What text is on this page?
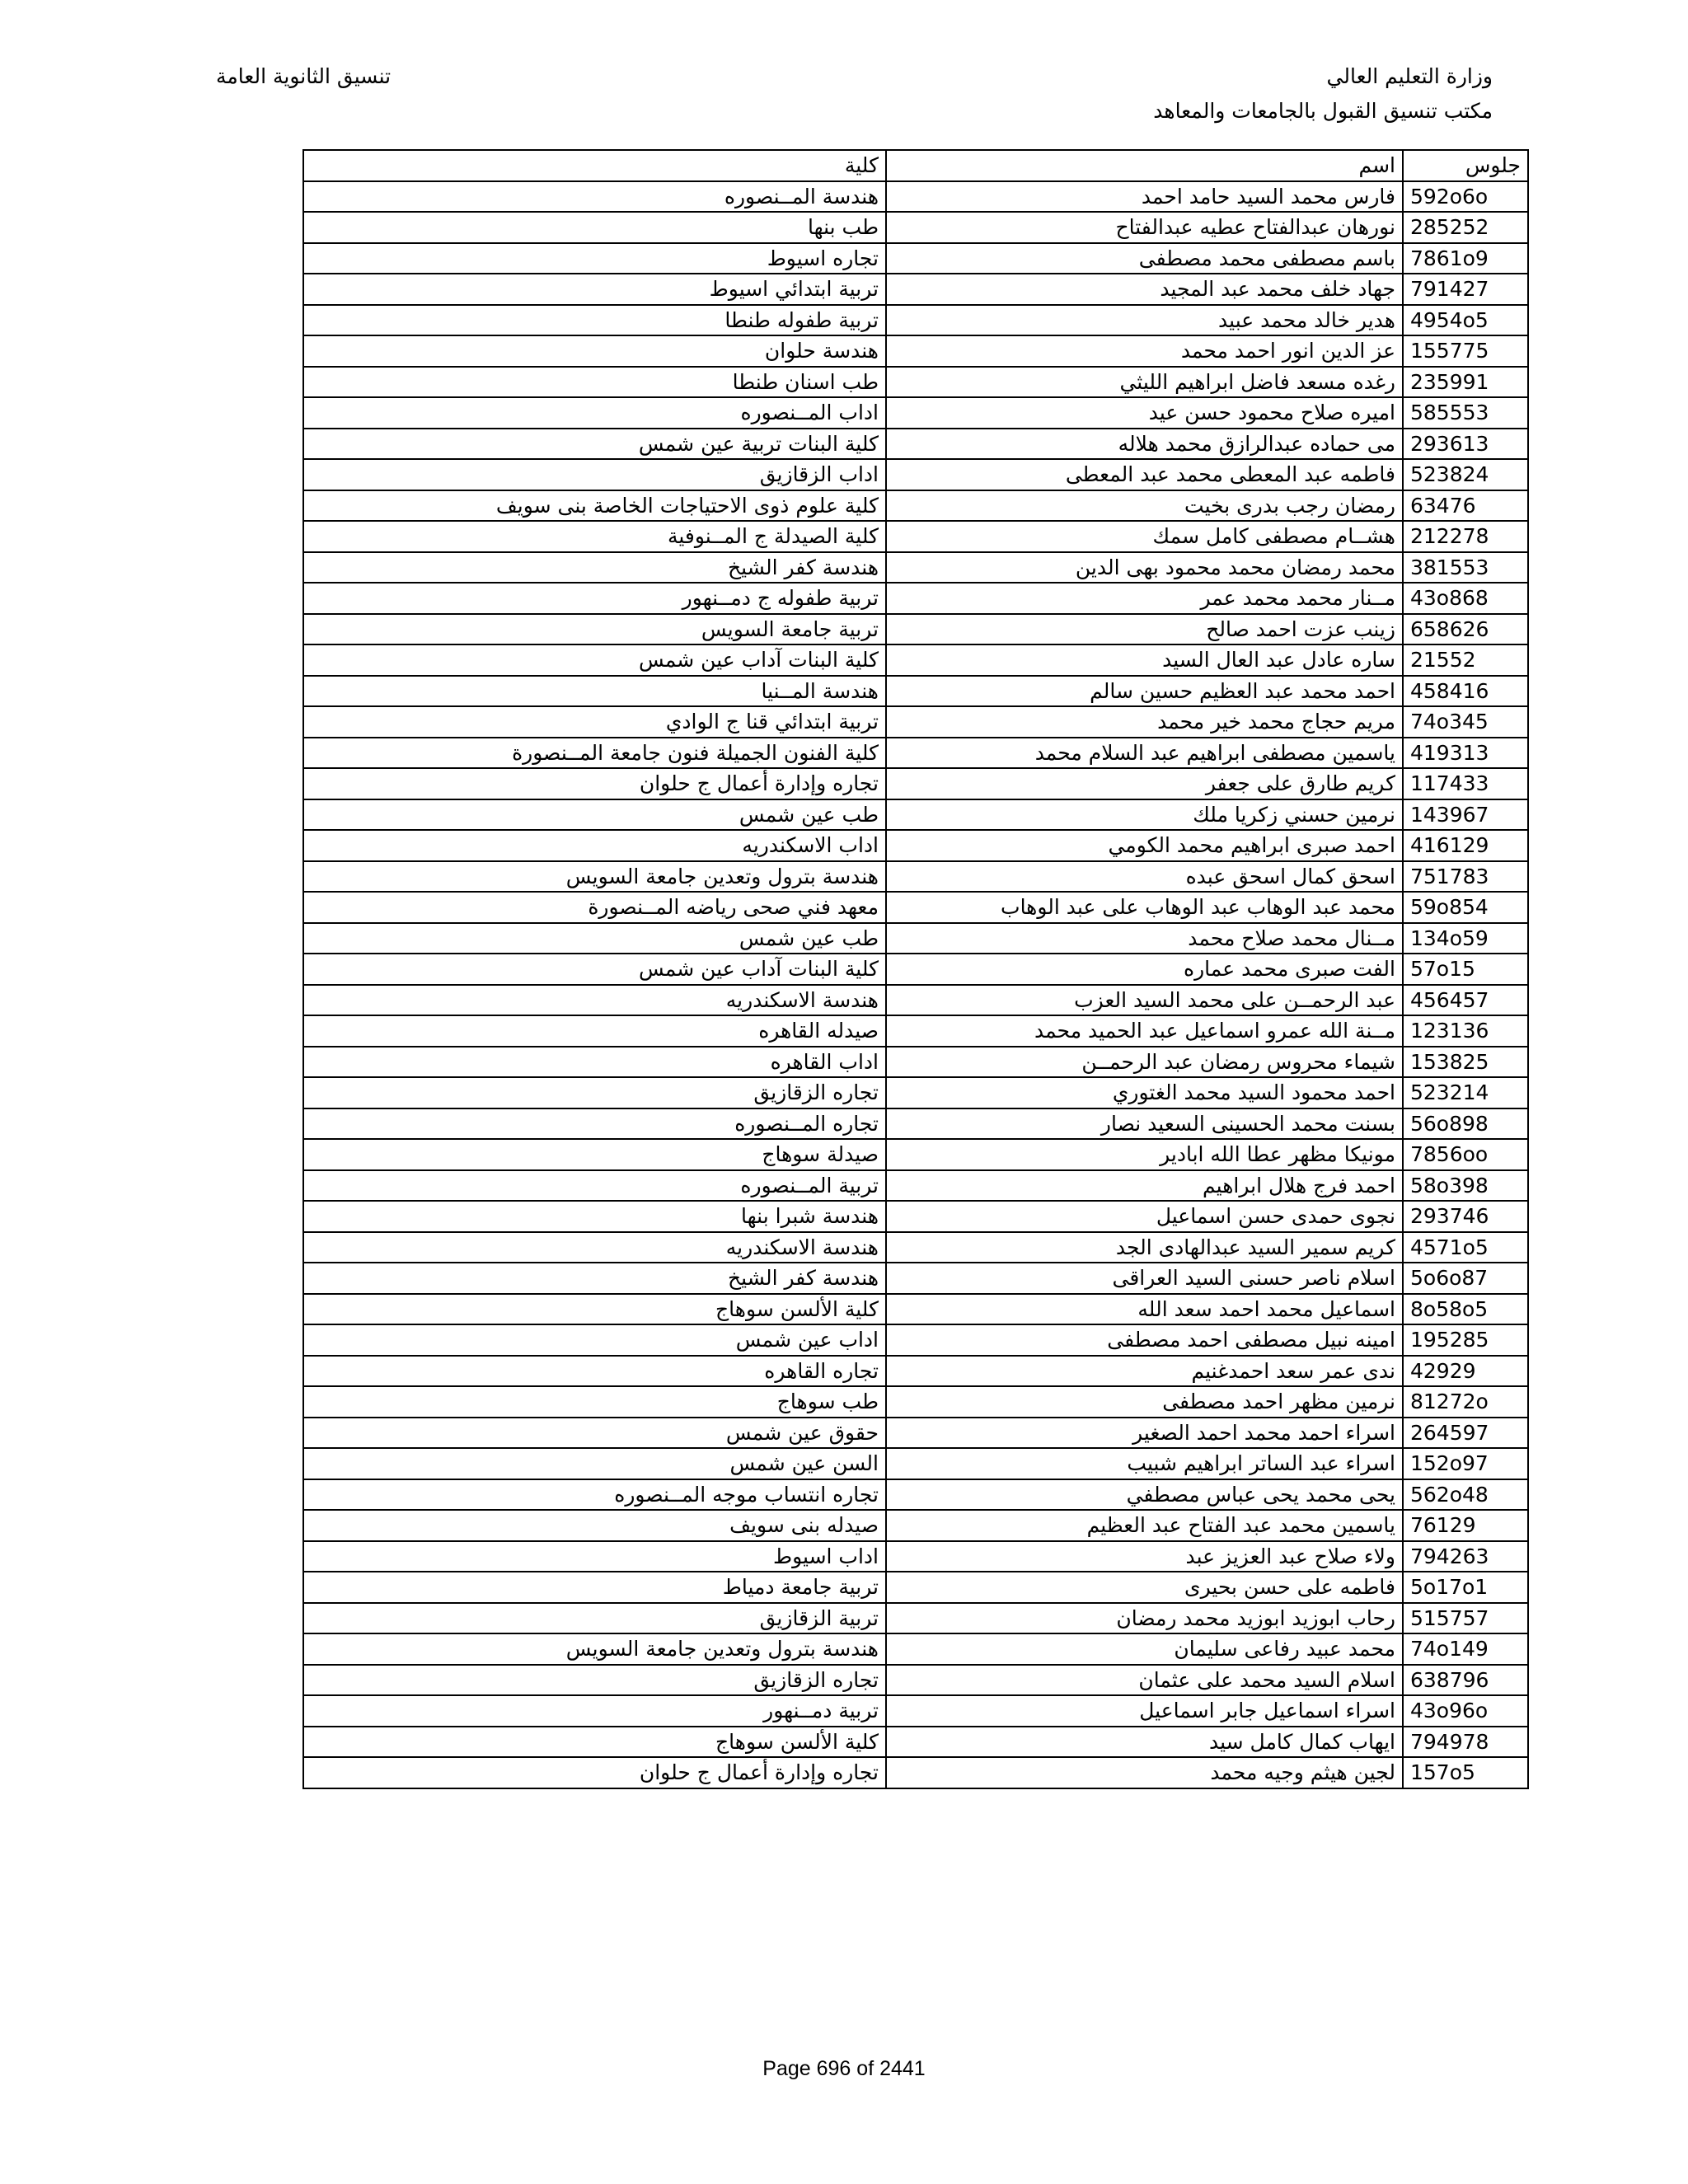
وزارة التعليم العالي
مكتب تنسيق القبول بالجامعات والمعاهد
تنسيق الثانوية العامة
كلية	اسم	جلوس
هندسة المــنصوره	فارس محمد السيد حامد احمد	592o6o
طب بنها	نورهان عبدالفتاح عطيه عبدالفتاح	285252
تجاره اسيوط	باسم مصطفى محمد مصطفى	7861o9
تربية ابتدائي اسيوط	جهاد خلف محمد عبد المجيد	791427
تربية طفوله طنطا	هدير خالد محمد عبيد	4954o5
هندسة حلوان	عز الدين انور احمد محمد	155775
طب اسنان طنطا	رغده مسعد فاضل ابراهيم الليثي	235991
اداب المــنصوره	اميره صلاح محمود حسن عيد	585553
كلية البنات تربية عين شمس	مى حماده عبدالرازق محمد هلاله	293613
اداب الزقازيق	فاطمه عبد المعطى محمد عبد المعطى	523824
كلية علوم ذوى الاحتياجات الخاصة بنى سويف	رمضان رجب بدرى بخيت	63476
كلية الصيدلة ج المــنوفية	هشــام مصطفى كامل سمك	212278
هندسة كفر الشيخ	محمد رمضان محمد محمود بهى الدين	381553
تربية طفوله ج دمــنهور	مــنار محمد محمد عمر	43o868
تربية جامعة السويس	زينب عزت احمد صالح	658626
كلية البنات آداب عين شمس	ساره عادل عبد العال السيد	21552
هندسة المــنيا	احمد محمد عبد العظيم حسين سالم	458416
تربية ابتدائي قنا ج الوادي	مريم حجاج محمد خير محمد	74o345
كلية الفنون الجميلة فنون جامعة المــنصورة	ياسمين مصطفى ابراهيم عبد السلام محمد	419313
تجاره وإدارة أعمال ج حلوان	كريم طارق على جعفر	117433
طب عين شمس	نرمين حسني زكريا ملك	143967
اداب الاسكندريه	احمد صبرى ابراهيم محمد الكومي	416129
هندسة بترول وتعدين جامعة السويس	اسحق كمال اسحق عبده	751783
معهد فني صحى رياضه المــنصورة	محمد عبد الوهاب عبد الوهاب على عبد الوهاب	59o854
طب عين شمس	مــنال محمد صلاح محمد	134o59
كلية البنات آداب عين شمس	الفت صبرى محمد عماره	57o15
هندسة الاسكندريه	عبد الرحمــن على محمد السيد العزب	456457
صيدله القاهره	مــنة الله عمرو اسماعيل عبد الحميد محمد	123136
اداب القاهره	شيماء محروس رمضان عبد الرحمــن	153825
تجاره الزقازيق	احمد محمود السيد محمد الغتوري	523214
تجاره المــنصوره	بسنت محمد الحسينى السعيد نصار	56o898
صيدلة سوهاج	مونيكا مظهر عطا الله ابادير	7856oo
تربية المــنصوره	احمد فرج هلال ابراهيم	58o398
هندسة شبرا بنها	نجوى حمدى حسن اسماعيل	293746
هندسة الاسكندريه	كريم سمير السيد عبدالهادى الجد	4571o5
هندسة كفر الشيخ	اسلام ناصر حسنى السيد العراقى	5o6o87
كلية الألسن سوهاج	اسماعيل محمد احمد سعد الله	8o58o5
اداب عين شمس	امينه نبيل مصطفى احمد مصطفى	195285
تجاره القاهره	ندى عمر سعد احمدغنيم	42929
طب سوهاج	نرمين مظهر احمد مصطفى	81272o
حقوق عين شمس	اسراء احمد محمد احمد الصغير	264597
السن عين شمس	اسراء عبد الساتر ابراهيم شبيب	152o97
تجاره انتساب موجه المــنصوره	يحى محمد يحى عباس مصطفي	562o48
صيدله بنى سويف	ياسمين محمد عبد الفتاح عبد العظيم	76129
اداب اسيوط	ولاء صلاح عبد العزيز عبد	794263
تربية جامعة دمياط	فاطمه على حسن بحيرى	5o17o1
تربية الزقازيق	رحاب ابوزيد ابوزيد محمد رمضان	515757
هندسة بترول وتعدين جامعة السويس	محمد عبيد رفاعى سليمان	74o149
تجاره الزقازيق	اسلام السيد محمد على عثمان	638796
تربية دمــنهور	اسراء اسماعيل جابر اسماعيل	43o96o
كلية الألسن سوهاج	ايهاب كمال كامل سيد	794978
تجاره وإدارة أعمال ج حلوان	لجين هيثم وجيه محمد	157o5
Page 696 of 2441
